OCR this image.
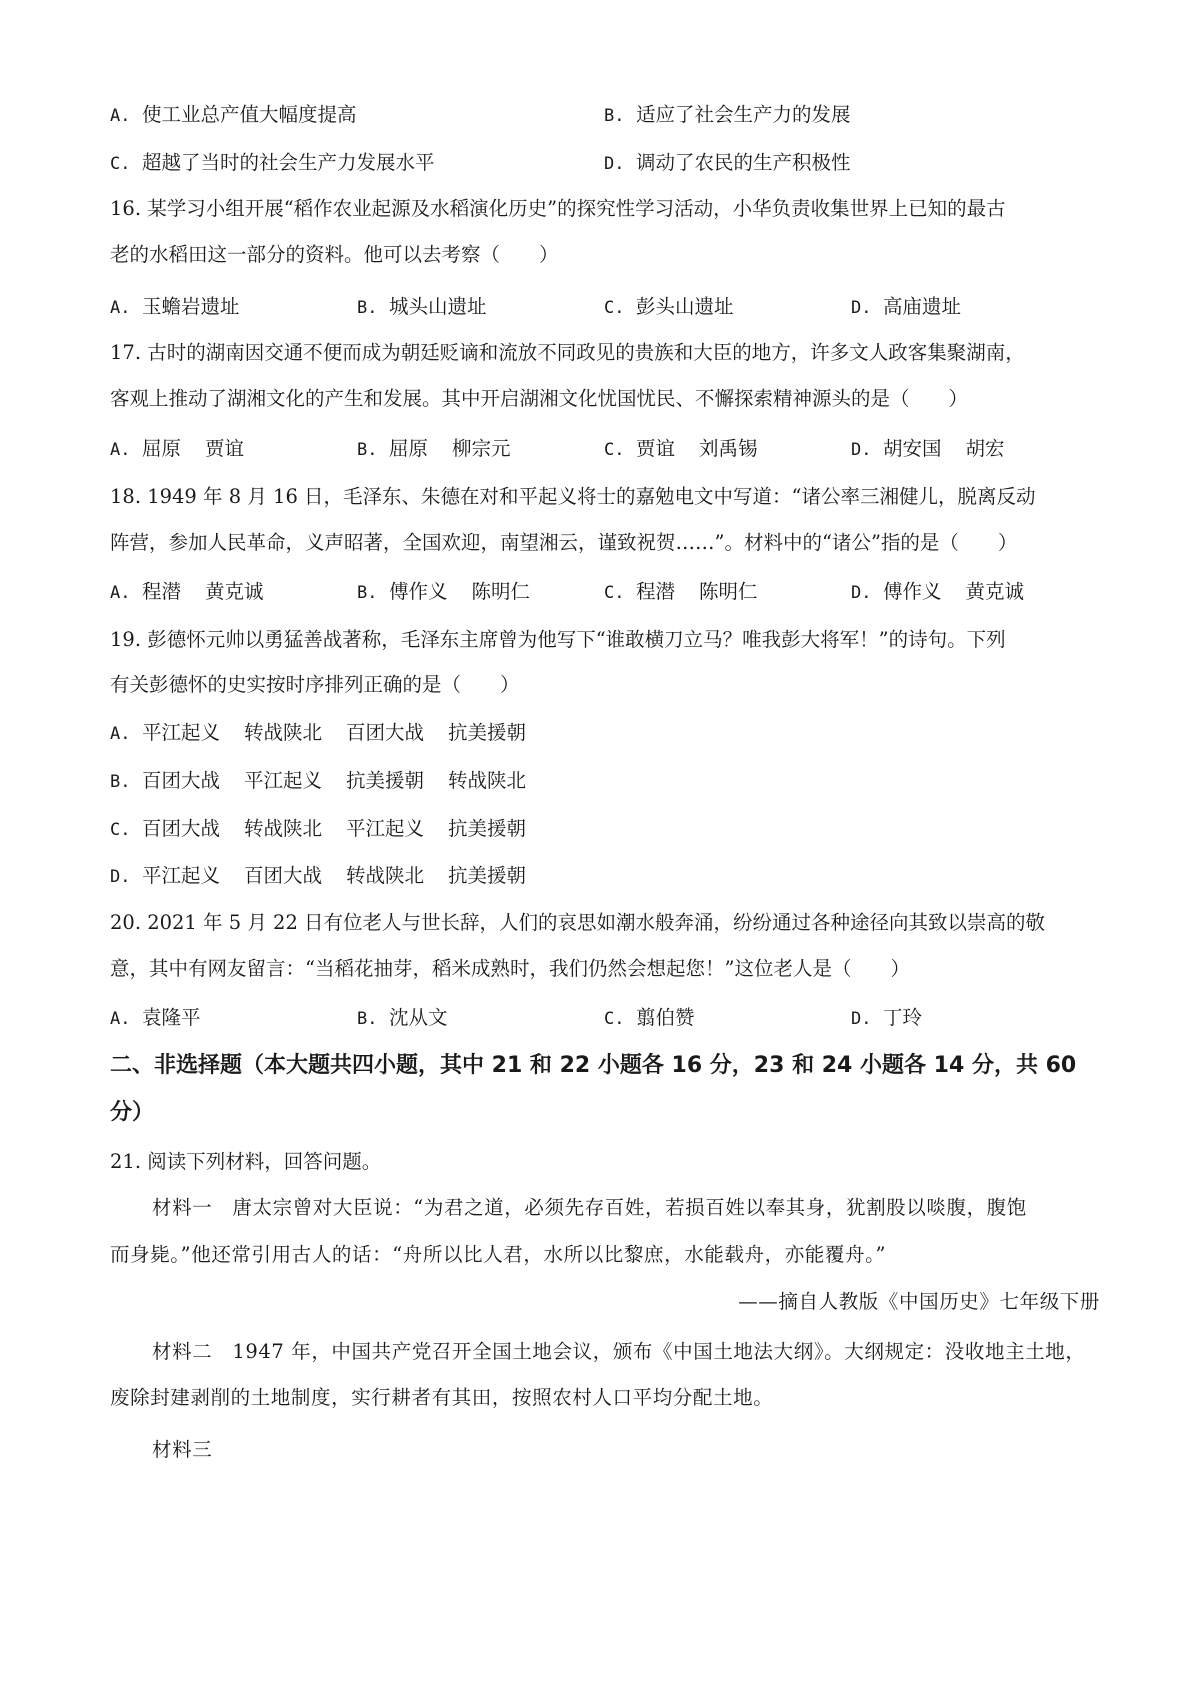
A. 使工业总产值大幅度提高	B. 适应了社会生产力的发展
C. 超越了当时的社会生产力发展水平	D. 调动了农民的生产积极性
16. 某学习小组开展“稻作农业起源及水稻演化历史”的探究性学习活动，小华负责收集世界上已知的最古
老的水稻田这一部分的资料。他可以去考察（　　）
A. 玉蟾岩遗址	B. 城头山遗址	C. 彭头山遗址	D. 高庙遗址
17. 古时的湖南因交通不便而成为朝廷贬谪和流放不同政见的贵族和大臣的地方，许多文人政客集聚湖南，
客观上推动了湖湘文化的产生和发展。其中开启湖湘文化忧国忧民、不懈探索精神源头的是（　　）
A. 屈原 贾谊	B. 屈原 柳宗元	C. 贾谊 刘禹锡	D. 胡安国 胡宏
18. 1949 年 8 月 16 日，毛泽东、朱德在对和平起义将士的嘉勉电文中写道：“诸公率三湘健儿，脱离反动
阵营，参加人民革命，义声昭著，全国欢迎，南望湘云，谨致祝贺……”。材料中的“诸公”指的是（　　）
A. 程潜 黄克诚	B. 傅作义 陈明仁	C. 程潜 陈明仁	D. 傅作义 黄克诚
19. 彭德怀元帅以勇猛善战著称，毛泽东主席曾为他写下“谁敢横刀立马？唯我彭大将军！”的诗句。下列
有关彭德怀的史实按时序排列正确的是（　　）
A. 平江起义 转战陕北 百团大战 抗美援朝
B. 百团大战 平江起义 抗美援朝 转战陕北
C. 百团大战 转战陕北 平江起义 抗美援朝
D. 平江起义 百团大战 转战陕北 抗美援朝
20. 2021 年 5 月 22 日有位老人与世长辞，人们的哀思如潮水般奔涌，纷纷通过各种途径向其致以崇高的敬
意，其中有网友留言：“当稻花抽芽，稻米成熟时，我们仍然会想起您！”这位老人是（　　）
A. 袁隆平	B. 沈从文	C. 翦伯赞	D. 丁玲
二、非选择题（本大题共四小题，其中 21 和 22 小题各 16 分，23 和 24 小题各 14 分，共 60
分）
21. 阅读下列材料，回答问题。
材料一　唐太宗曾对大臣说：“为君之道，必须先存百姓，若损百姓以奉其身，犹割股以啖腹，腹饱
而身毙。”他还常引用古人的话：“舟所以比人君，水所以比黎庶，水能载舟，亦能覆舟。”
——摘自人教版《中国历史》七年级下册
材料二　1947 年，中国共产党召开全国土地会议，颁布《中国土地法大纲》。大纲规定：没收地主土地，
废除封建剥削的土地制度，实行耕者有其田，按照农村人口平均分配土地。
材料三
